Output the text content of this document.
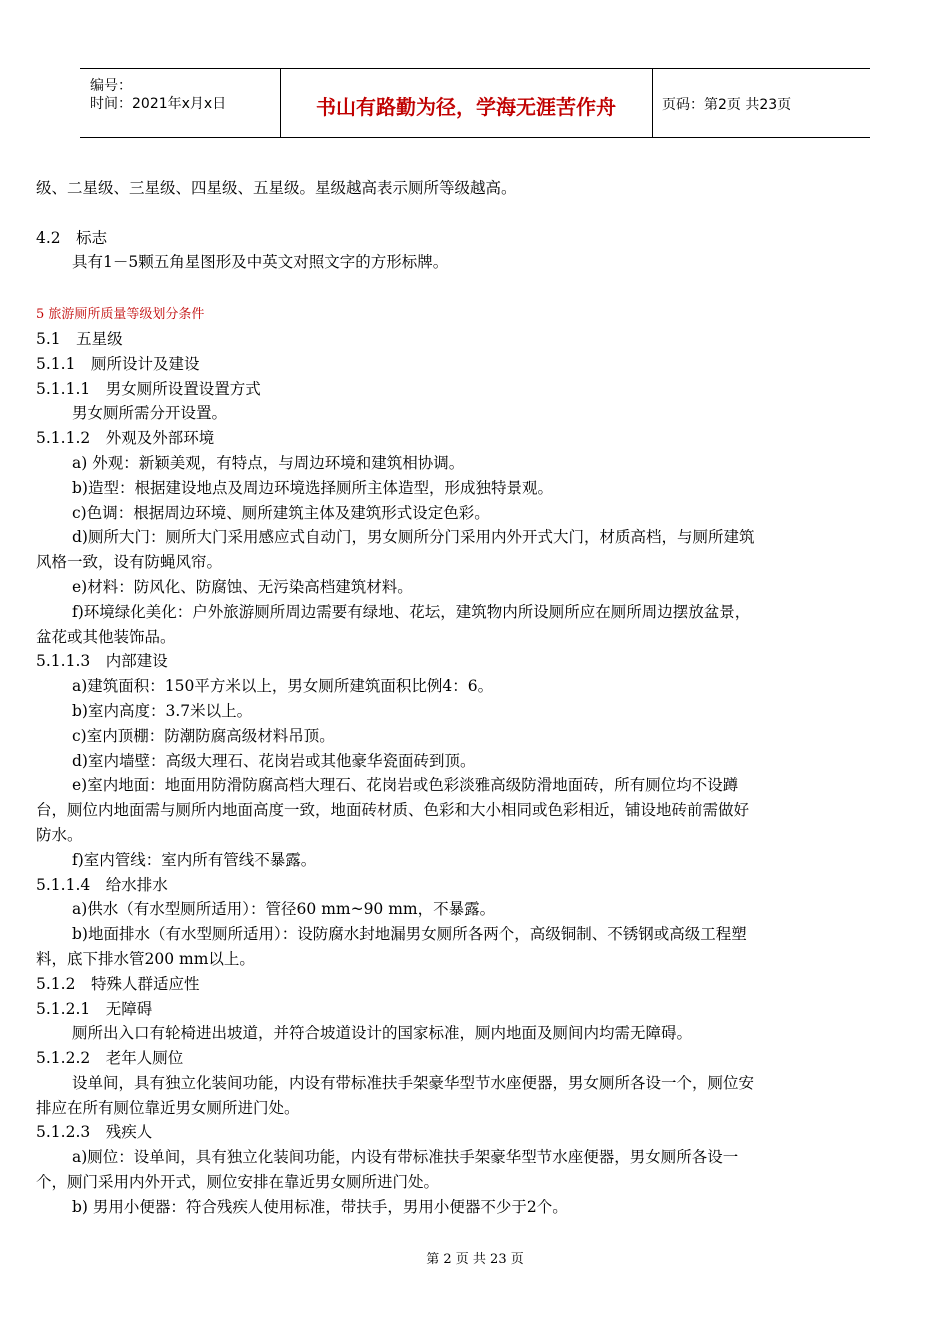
编号：
时间：2021年x月x日	书山有路勤为径，学海无涯苦作舟	页码：第2页 共23页
级、二星级、三星级、四星级、五星级。星级越高表示厕所等级越高。
4.2　标志
具有1－5颗五角星图形及中英文对照文字的方形标牌。
5 旅游厕所质量等级划分条件
5.1　五星级
5.1.1　厕所设计及建设
5.1.1.1　男女厕所设置设置方式
男女厕所需分开设置。
5.1.1.2　外观及外部环境
a) 外观：新颖美观，有特点，与周边环境和建筑相协调。
b)造型：根据建设地点及周边环境选择厕所主体造型，形成独特景观。
c)色调：根据周边环境、厕所建筑主体及建筑形式设定色彩。
d)厕所大门：厕所大门采用感应式自动门，男女厕所分门采用内外开式大门，材质高档，与厕所建筑
风格一致，设有防蝇风帘。
e)材料：防风化、防腐蚀、无污染高档建筑材料。
f)环境绿化美化：户外旅游厕所周边需要有绿地、花坛，建筑物内所设厕所应在厕所周边摆放盆景，
盆花或其他装饰品。
5.1.1.3　内部建设
a)建筑面积：150平方米以上，男女厕所建筑面积比例4：6。
b)室内高度：3.7米以上。
c)室内顶棚：防潮防腐高级材料吊顶。
d)室内墙壁：高级大理石、花岗岩或其他豪华瓷面砖到顶。
e)室内地面：地面用防滑防腐高档大理石、花岗岩或色彩淡雅高级防滑地面砖，所有厕位均不设蹲
台，厕位内地面需与厕所内地面高度一致，地面砖材质、色彩和大小相同或色彩相近，铺设地砖前需做好
防水。
f)室内管线：室内所有管线不暴露。
5.1.1.4　给水排水
a)供水（有水型厕所适用）：管径60 mm~90 mm，不暴露。
b)地面排水（有水型厕所适用）：设防腐水封地漏男女厕所各两个，高级铜制、不锈钢或高级工程塑
料，底下排水管200 mm以上。
5.1.2　特殊人群适应性
5.1.2.1　无障碍
厕所出入口有轮椅进出坡道，并符合坡道设计的国家标准，厕内地面及厕间内均需无障碍。
5.1.2.2　老年人厕位
设单间，具有独立化装间功能，内设有带标准扶手架豪华型节水座便器，男女厕所各设一个，厕位安
排应在所有厕位靠近男女厕所进门处。
5.1.2.3　残疾人
a)厕位：设单间，具有独立化装间功能，内设有带标准扶手架豪华型节水座便器，男女厕所各设一
个，厕门采用内外开式，厕位安排在靠近男女厕所进门处。
b) 男用小便器：符合残疾人使用标准，带扶手，男用小便器不少于2个。
第 2 页 共 23 页
